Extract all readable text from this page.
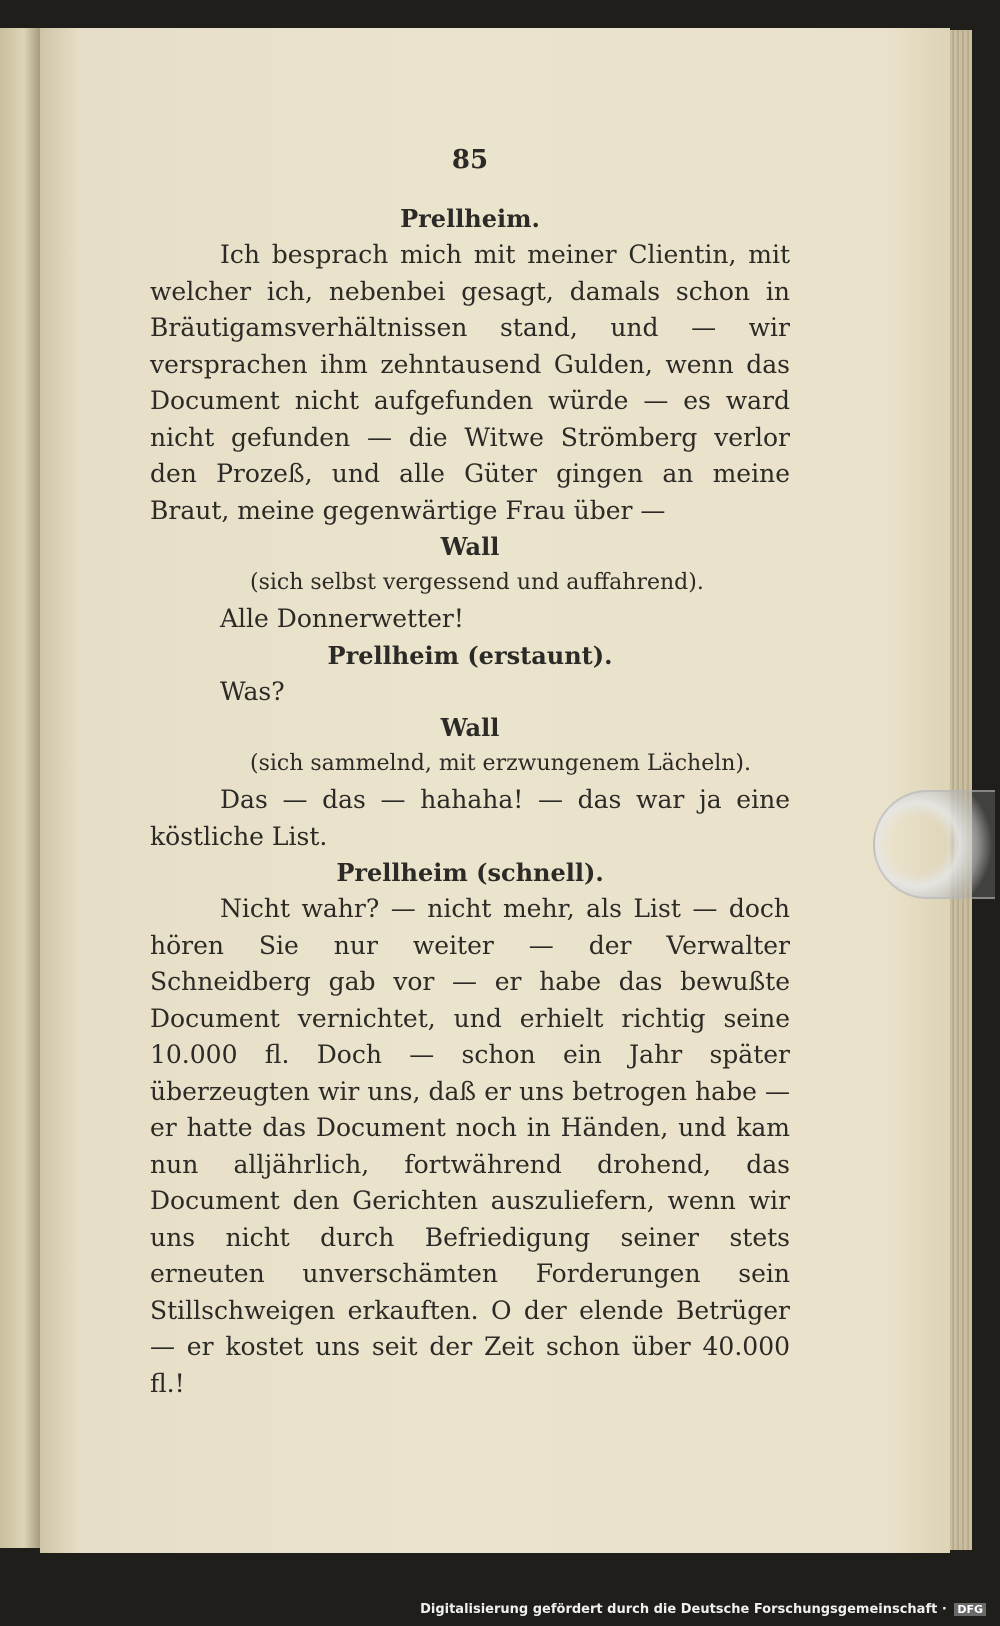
85

Prellheim.

Ich besprach mich mit meiner Clientin, mit welcher ich, nebenbei gesagt, damals schon in Bräutigamsverhältnissen stand, und — wir versprachen ihm zehntausend Gulden, wenn das Document nicht aufgefunden würde — es ward nicht gefunden — die Witwe Strömberg verlor den Prozeß, und alle Güter gingen an meine Braut, meine gegenwärtige Frau über —

Wall

(sich selbst vergessend und auffahrend).

Alle Donnerwetter!

Prellheim (erstaunt).

Was?

Wall

(sich sammelnd, mit erzwungenem Lächeln).

Das — das — hahaha! — das war ja eine köstliche List.

Prellheim (schnell).

Nicht wahr? — nicht mehr, als List — doch hören Sie nur weiter — der Verwalter Schneidberg gab vor — er habe das bewußte Document vernichtet, und erhielt richtig seine 10.000 fl. Doch — schon ein Jahr später überzeugten wir uns, daß er uns betrogen habe — er hatte das Document noch in Händen, und kam nun alljährlich, fortwährend drohend, das Document den Gerichten auszuliefern, wenn wir uns nicht durch Befriedigung seiner stets erneuten unverschämten Forderungen sein Stillschweigen erkauften. O der elende Betrüger — er kostet uns seit der Zeit schon über 40.000 fl.!

Digitalisierung gefördert durch die Deutsche Forschungsgemeinschaft · DFG
